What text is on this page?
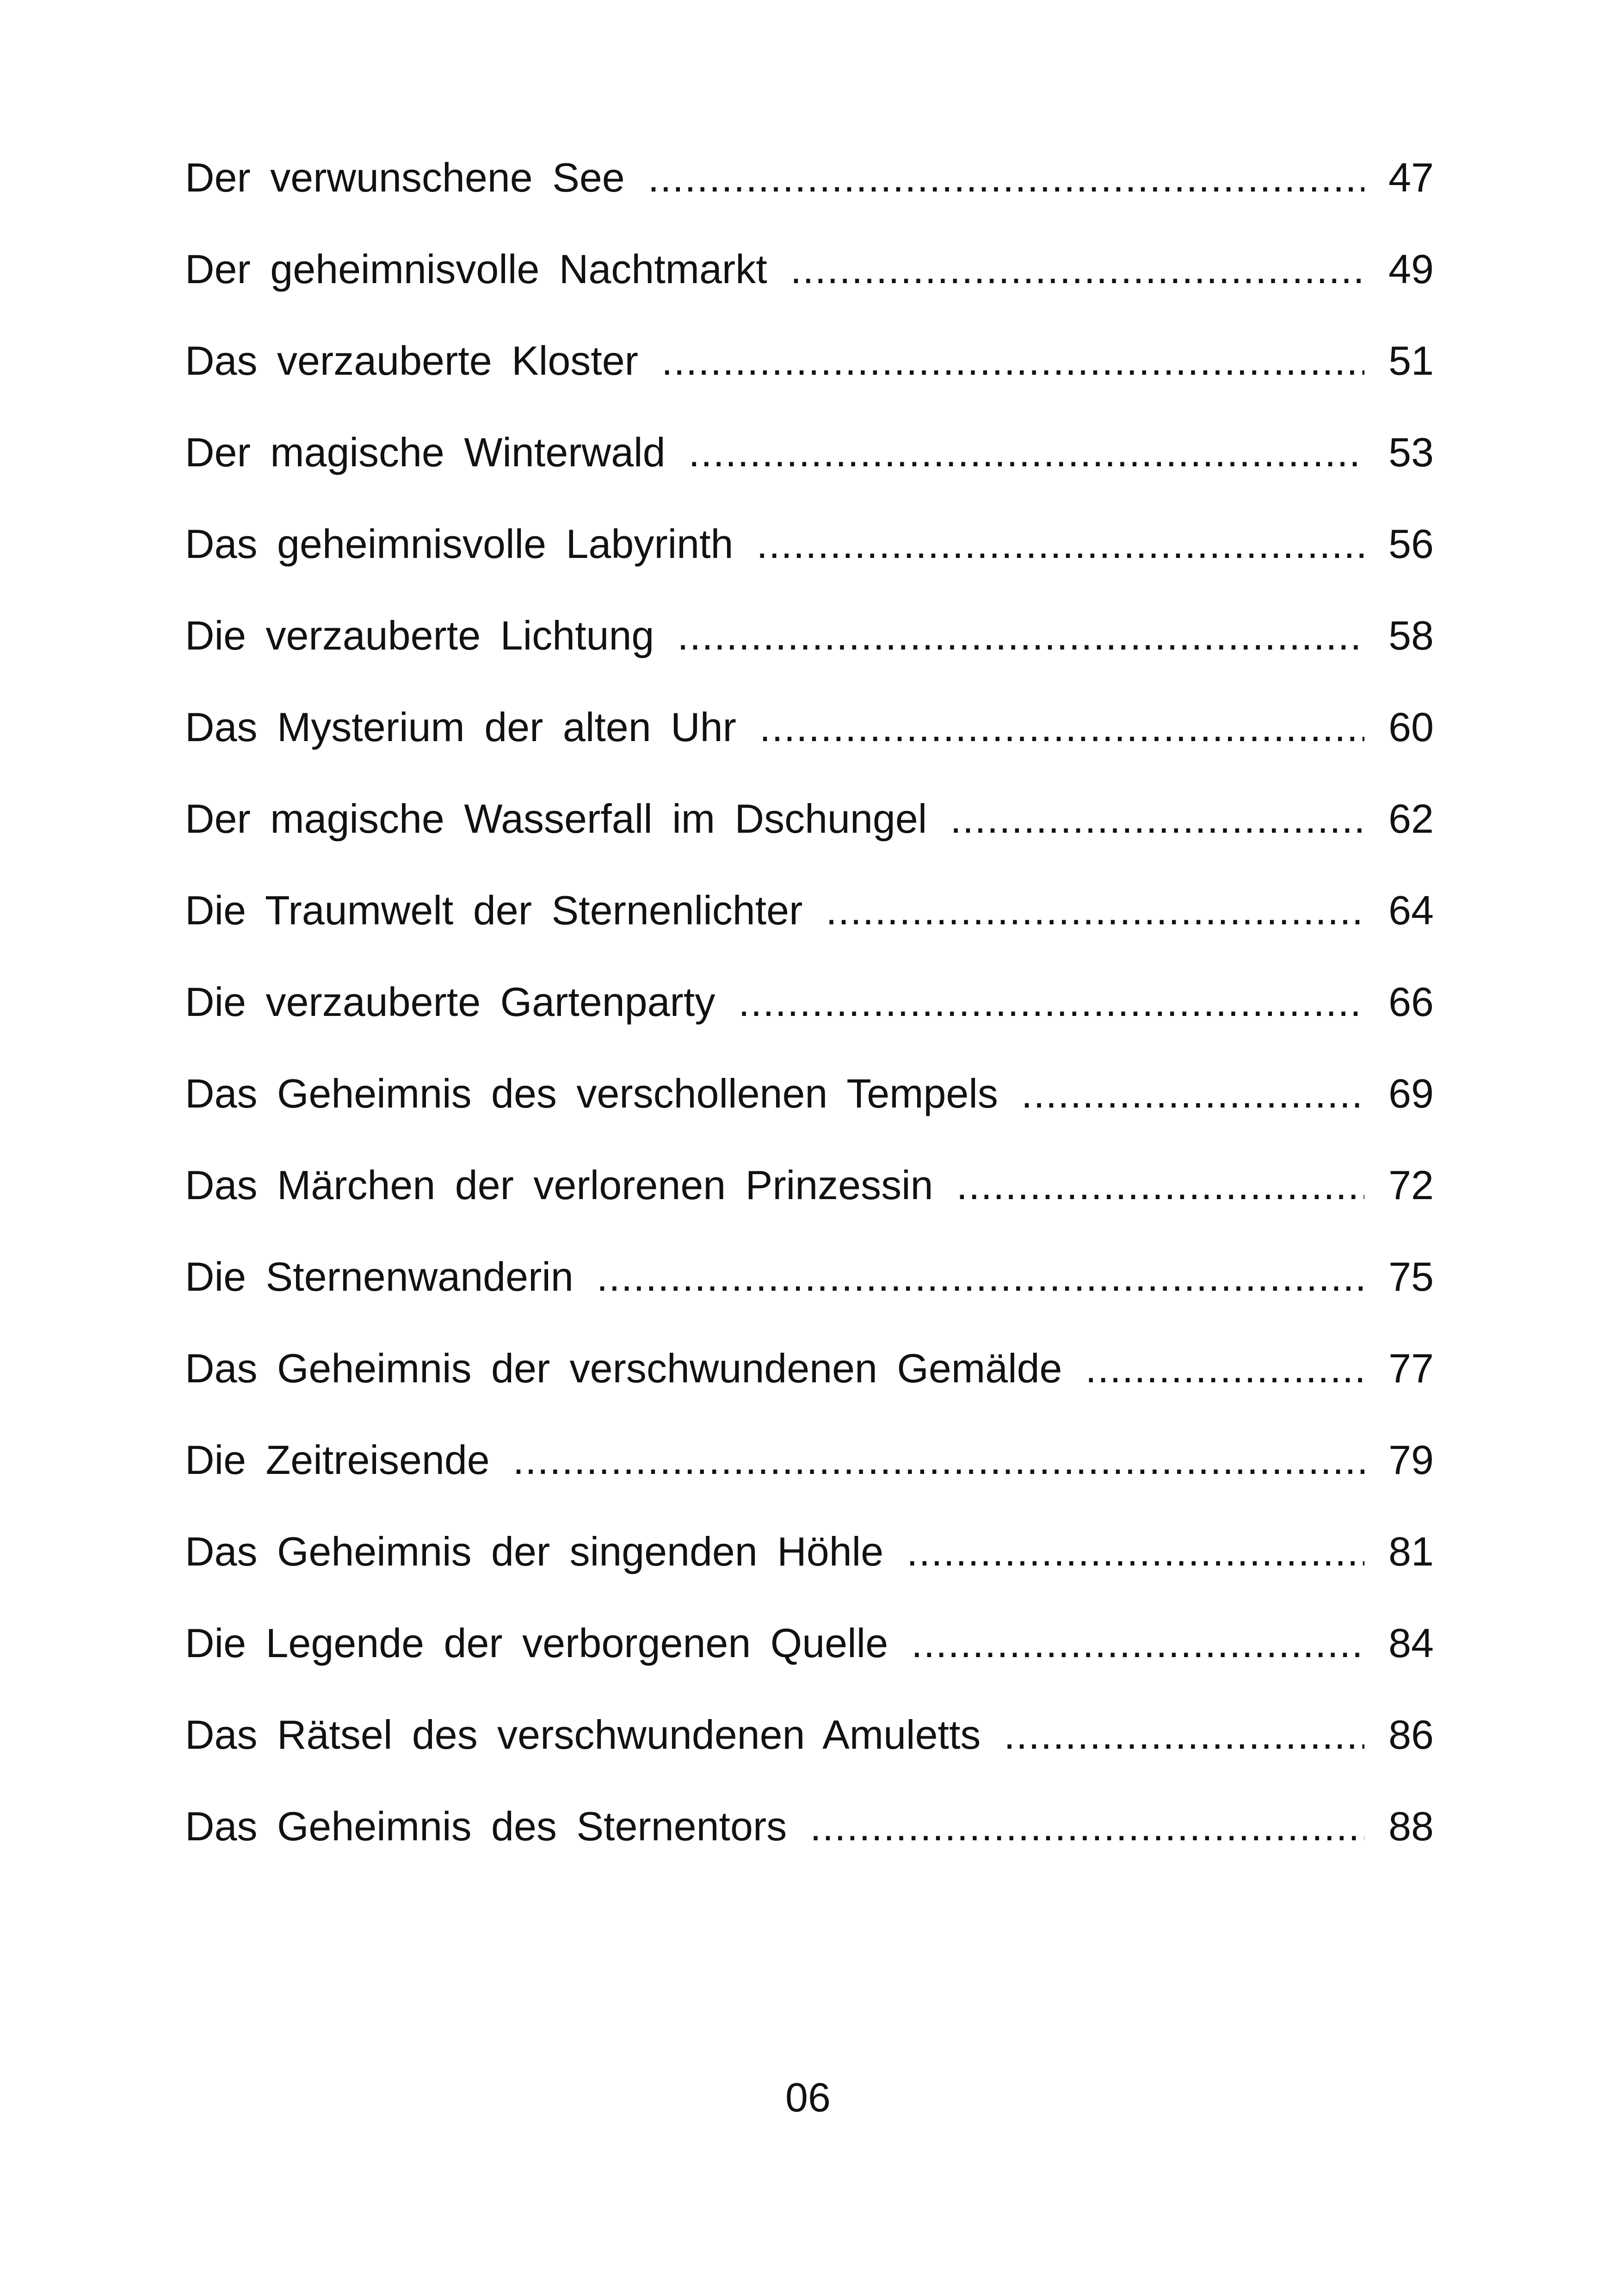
Der verwunschene See .....	47
Der geheimnisvolle Nachtmarkt .....	49
Das verzauberte Kloster .....	51
Der magische Winterwald .....	53
Das geheimnisvolle Labyrinth .....	56
Die verzauberte Lichtung .....	58
Das Mysterium der alten Uhr .....	60
Der magische Wasserfall im Dschungel .....	62
Die Traumwelt der Sternenlichter .....	64
Die verzauberte Gartenparty .....	66
Das Geheimnis des verschollenen Tempels .....	69
Das Märchen der verlorenen Prinzessin .....	72
Die Sternenwanderin .....	75
Das Geheimnis der verschwundenen Gemälde .....	77
Die Zeitreisende .....	79
Das Geheimnis der singenden Höhle .....	81
Die Legende der verborgenen Quelle .....	84
Das Rätsel des verschwundenen Amuletts .....	86
Das Geheimnis des Sternentors .....	88
06
